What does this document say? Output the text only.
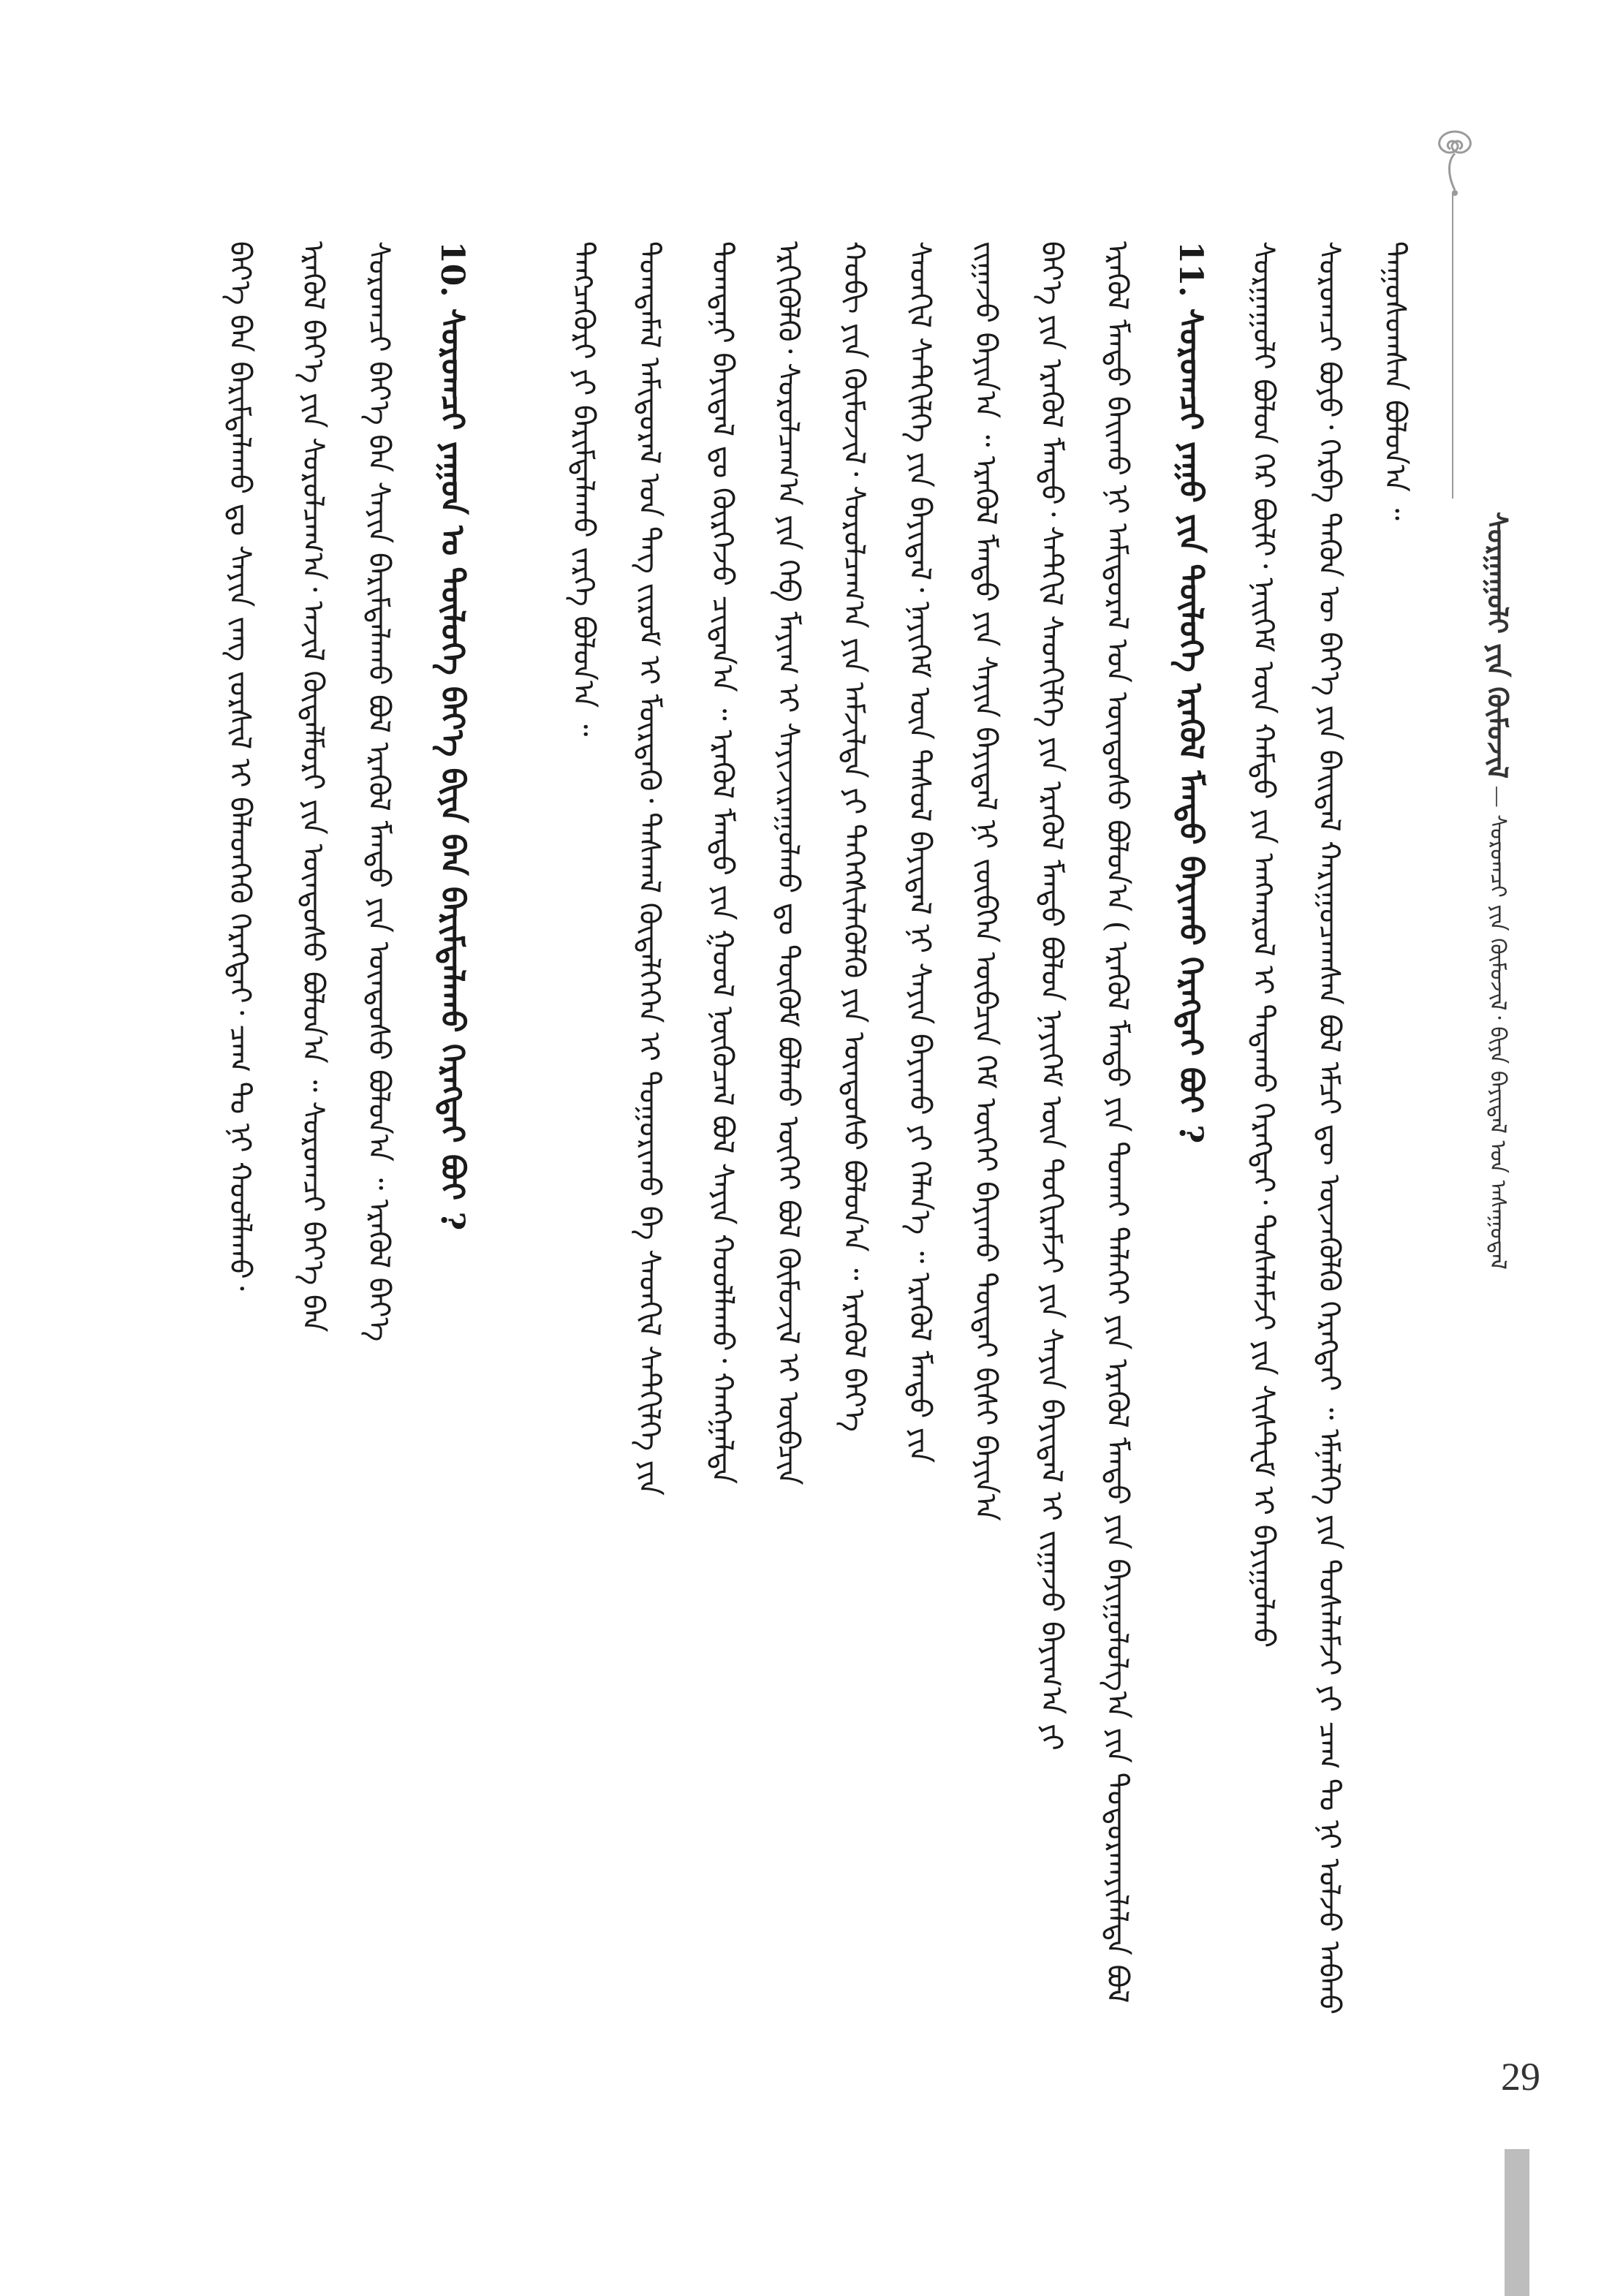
ᠰᠤᠷᠭᠠᠭᠤᠯᠢ ᠶᠢᠨ ᠬᠦᠮᠦᠵᠢᠯ — ᠰᠤᠷᠤᠭᠴᠢ ᠶᠢᠨ ᠬᠦᠮᠦᠵᠢᠯ᠂ ᠪᠢᠶᠡ ᠪᠠᠶᠢᠳᠠᠯ ᠤᠨ ᠠᠰᠠᠭᠤᠳᠠᠯ
ᠳᠠᠭᠤᠰᠤᠭᠰᠠᠨ ᠪᠣᠯᠤᠨ᠎ᠠ ᠃
ᠰᠤᠷᠤᠭᠴᠢ ᠪᠤᠶᠤ᠂ ᠬᠡᠷᠪᠡ ᠲᠡᠭᠦᠨ ᠦ ᠪᠡᠶ᠎ᠡ ᠶᠢᠨ ᠪᠠᠢᠳᠠᠯ ᠬᠠᠷᠢᠭᠤᠴᠠᠭᠰᠠᠨ ᠪᠣᠯ ᠡᠮᠴᠢ ᠳᠦ ᠦᠵᠡᠭᠦᠯᠬᠦ ᠬᠡᠷᠡᠭᠲᠡᠢ ᠃ ᠡᠮᠨᠡᠯᠭᠡ ᠶᠢᠨ ᠲᠤᠰᠠᠯᠠᠮᠵᠢ ᠶᠢ ᠴᠠᠭ ᠲᠤ ᠨᠢ ᠣᠯᠵᠤ ᠠᠪᠬᠤ
ᠰᠤᠷᠭᠠᠭᠤᠯᠢ ᠪᠣᠯᠤᠨ ᠭᠡᠷ ᠪᠦᠯᠢ᠂ ᠨᠡᠢᠭᠡᠮ ᠦᠨ ᠬᠠᠮᠲᠤ ᠶᠢᠨ ᠠᠩᠬᠠᠷᠤᠯ ᠢ ᠲᠠᠲᠠᠬᠤ ᠬᠡᠷᠡᠭᠲᠡᠢ᠂ ᠲᠤᠰᠠᠯᠠᠮᠵᠢ ᠶᠢᠨ ᠰᠢᠰᠲ᠋ᠧᠮ ᠢ ᠪᠠᠶᠢᠭᠤᠯᠬᠤ
11. ᠰᠤᠷᠤᠭᠴᠢ ᠶᠠᠭᠤ ᠶᠢᠨ ᠲᠥᠯᠦᠭᠡ ᠡᠷᠡᠭᠦᠯ ᠮᠡᠨᠳᠦ ᠪᠠᠶᠢᠬᠤ ᠬᠡᠷᠡᠭᠲᠡᠢ ᠪᠤᠢ ?
ᠡᠷᠡᠭᠦᠯ ᠮᠡᠨᠳᠦ ᠪᠠᠢᠬᠤ ᠨᠢ ᠠᠮᠢᠳᠤᠷᠠᠯ ᠤᠨ ᠦᠨᠳᠦᠰᠦ ᠪᠣᠯᠤᠨ᠎ᠠ ( ᠡᠷᠡᠭᠦᠯ ᠮᠡᠨᠳᠦ ᠶᠢᠨ ᠲᠤᠬᠠᠢ ᠳᠡᠯᠡᠬᠡᠢ ᠶᠢᠨ ᠡᠷᠡᠭᠦᠯ ᠮᠡᠨᠳᠦ ᠶᠢᠨ ᠪᠠᠶᠢᠭᠤᠯᠤᠯᠭ᠎ᠠ ᠶᠢᠨ ᠲᠣᠳᠣᠷᠬᠠᠶᠢᠯᠠᠯᠲᠠ ᠪᠣᠯ
ᠪᠡᠶ᠎ᠡ ᠶᠢᠨ ᠡᠷᠡᠭᠦᠯ ᠮᠡᠨᠳᠦ᠂ ᠰᠡᠲᠬᠢᠯ ᠰᠡᠳᠬᠢᠯᠭᠡ ᠶᠢᠨ ᠡᠷᠡᠭᠦᠯ ᠮᠡᠨᠳᠦ ᠪᠣᠯᠤᠨ ᠨᠡᠶᠢᠭᠡᠮ ᠦᠨ ᠲᠣᠬᠢᠷᠠᠮᠵᠢ ᠶᠢᠨ ᠰᠠᠶᠢᠨ ᠪᠠᠶᠢᠳᠠᠯ ᠢ ᠵᠢᠭᠠᠵᠤ ᠪᠠᠶᠢᠭ᠎ᠠ ᠶᠢ
ᠵᠢᠭᠠᠵᠤ ᠪᠠᠶᠢᠨ᠎ᠠ ᠃ ᠡᠷᠡᠭᠦᠯ ᠮᠡᠨᠳᠦ ᠶᠢᠨ ᠰᠠᠶᠢᠨ ᠪᠠᠶᠢᠳᠠᠯ ᠨᠢ ᠵᠥᠪᠬᠡᠨ ᠥᠪᠴᠢᠨ ᠭᠡᠮ ᠦᠭᠡᠢ ᠪᠠᠶᠢᠬᠤ ᠲᠥᠳᠡᠢ ᠪᠢᠰᠢ ᠪᠠᠶᠢᠨ᠎ᠠ
ᠰᠡᠳᠬᠢᠯ ᠰᠡᠲᠬᠢᠯᠭᠡ ᠶᠢᠨ ᠪᠠᠶᠢᠳᠠᠯ᠂ ᠨᠡᠶᠢᠭᠡᠮ ᠦᠨ ᠳᠠᠰᠤᠯ ᠪᠠᠶᠢᠳᠠᠯ ᠨᠢ ᠰᠠᠶᠢᠨ ᠪᠠᠶᠢᠬᠤ ᠶᠢ ᠬᠡᠯᠡᠨ᠎ᠡ ᠃ ᠡᠷᠡᠭᠦᠯ ᠮᠡᠨᠳᠦ ᠶᠢᠨ
ᠬᠤᠪᠢ ᠶᠢᠨ ᠬᠦᠮᠦᠵᠢᠯ᠂ ᠰᠤᠷᠤᠯᠴᠠᠭ᠎ᠠ ᠶᠢᠨ ᠠᠮᠵᠢᠯᠲᠠ ᠶᠢ ᠳᠡᠭᠡᠭᠰᠢᠯᠡᠭᠦᠯᠬᠦ ᠶᠢᠨ ᠦᠨᠳᠦᠰᠦ ᠪᠣᠯᠤᠨ᠎ᠠ ᠃ ᠡᠷᠡᠭᠦᠯ ᠪᠡᠶ᠎ᠡ
ᠡᠷᠭᠢᠭᠦᠯᠬᠦ᠂ ᠰᠤᠷᠤᠯᠴᠠᠭ᠎ᠠ ᠶᠢᠨ ᠬᠡᠪ ᠮᠠᠶᠢᠭ ᠢ ᠰᠠᠶᠢᠵᠢᠷᠠᠭᠤᠯᠬᠤ ᠳᠤ ᠳᠥᠬᠦᠮ ᠪᠣᠯᠬᠤ ᠦᠭᠡᠢ ᠪᠣᠯ ᠬᠦᠮᠦᠵᠢᠯ ᠢ ᠥᠪᠴᠢᠨ
ᠲᠣᠭᠲᠠᠨᠢ ᠪᠠᠶᠢᠳᠠᠯ ᠳᠤ ᠬᠦᠷᠭᠡᠵᠦ ᠴᠢᠳᠠᠨ᠎ᠠ ᠃ ᠡᠷᠡᠭᠦᠯ ᠮᠡᠨᠳᠦ ᠶᠢᠨ ᠭᠣᠣᠯ ᠨᠥᠬᠦᠴᠡᠯ ᠪᠣᠯ ᠰᠠᠶᠢᠨ ᠬᠣᠣᠯᠯᠠᠬᠤ᠂ ᠬᠠᠩᠭᠠᠯᠲᠠ
ᠲᠣᠭᠲᠠᠮᠠᠯ ᠠᠮᠢᠳᠤᠷᠠᠯ ᠤᠨ ᠳᠡᠭ ᠵᠢᠷᠤᠮ ᠢ ᠮᠥᠷᠳᠡᠬᠦ᠂ ᠳᠠᠰᠬᠠᠯ ᠬᠥᠳᠡᠯᠭᠡᠭᠡᠨ ᠢ ᠲᠤᠭᠤᠷᠢᠬᠤ ᠪᠠ ᠰᠡᠳᠬᠢᠯ ᠰᠡᠲᠬᠢᠯᠭᠡ ᠶᠢᠨ
ᠲᠡᠩᠴᠡᠭᠦᠷᠢ ᠶᠢ ᠪᠠᠷᠢᠮᠲᠠᠯᠠᠬᠤ ᠵᠡᠷᠭᠡ ᠪᠣᠯᠤᠨ᠎ᠠ ᠃
10. ᠰᠤᠷᠤᠭᠴᠢ ᠶᠠᠭᠤᠨ ᠤ ᠲᠥᠯᠦᠭᠡ ᠪᠡᠶ᠎ᠡ ᠪᠢᠶᠡ ᠪᠡᠨ ᠪᠠᠷᠢᠮᠲᠠᠯᠠᠬᠤ ᠬᠡᠷᠡᠭᠲᠡᠢ ᠪᠤᠢ ?
ᠰᠤᠷᠤᠭᠴᠢ ᠪᠡᠶ᠎ᠡ ᠪᠡᠨ ᠰᠠᠶᠢᠨ ᠪᠠᠷᠢᠮᠲᠠᠯᠠᠬᠤ ᠪᠣᠯ ᠡᠷᠡᠭᠦᠯ ᠮᠡᠨᠳᠦ ᠶᠢᠨ ᠦᠨᠳᠦᠰᠦ ᠪᠣᠯᠤᠨ᠎ᠠ ᠃ ᠡᠷᠡᠭᠦᠯ ᠪᠡᠶ᠎ᠡ
ᠡᠷᠡᠭᠦᠯ ᠪᠡᠶ᠎ᠡ ᠶᠢᠨ ᠰᠤᠷᠤᠯᠴᠠᠭ᠎ᠠ᠂ ᠠᠵᠢᠯ ᠬᠥᠳᠡᠯᠮᠦᠷᠢ ᠶᠢᠨ ᠦᠨᠳᠦᠰᠦ ᠪᠣᠯᠤᠨ᠎ᠠ ᠃ ᠰᠤᠷᠤᠭᠴᠢ ᠪᠡᠶ᠎ᠡ ᠪᠡᠨ
ᠪᠡᠶ᠎ᠡ ᠪᠡᠨ ᠪᠠᠷᠢᠮᠲᠠᠯᠠᠬᠤ ᠳᠤ ᠰᠠᠶᠢᠨ ᠵᠠᠩ ᠵᠤᠷᠰᠢᠯ ᠢ ᠪᠡᠯᠡᠳᠬᠡᠬᠦ ᠬᠡᠷᠡᠭᠲᠡᠢ᠂ ᠴᠠᠭ ᠲᠤ ᠨᠢ ᠬᠣᠣᠯᠯᠠᠬᠤ᠂
29
